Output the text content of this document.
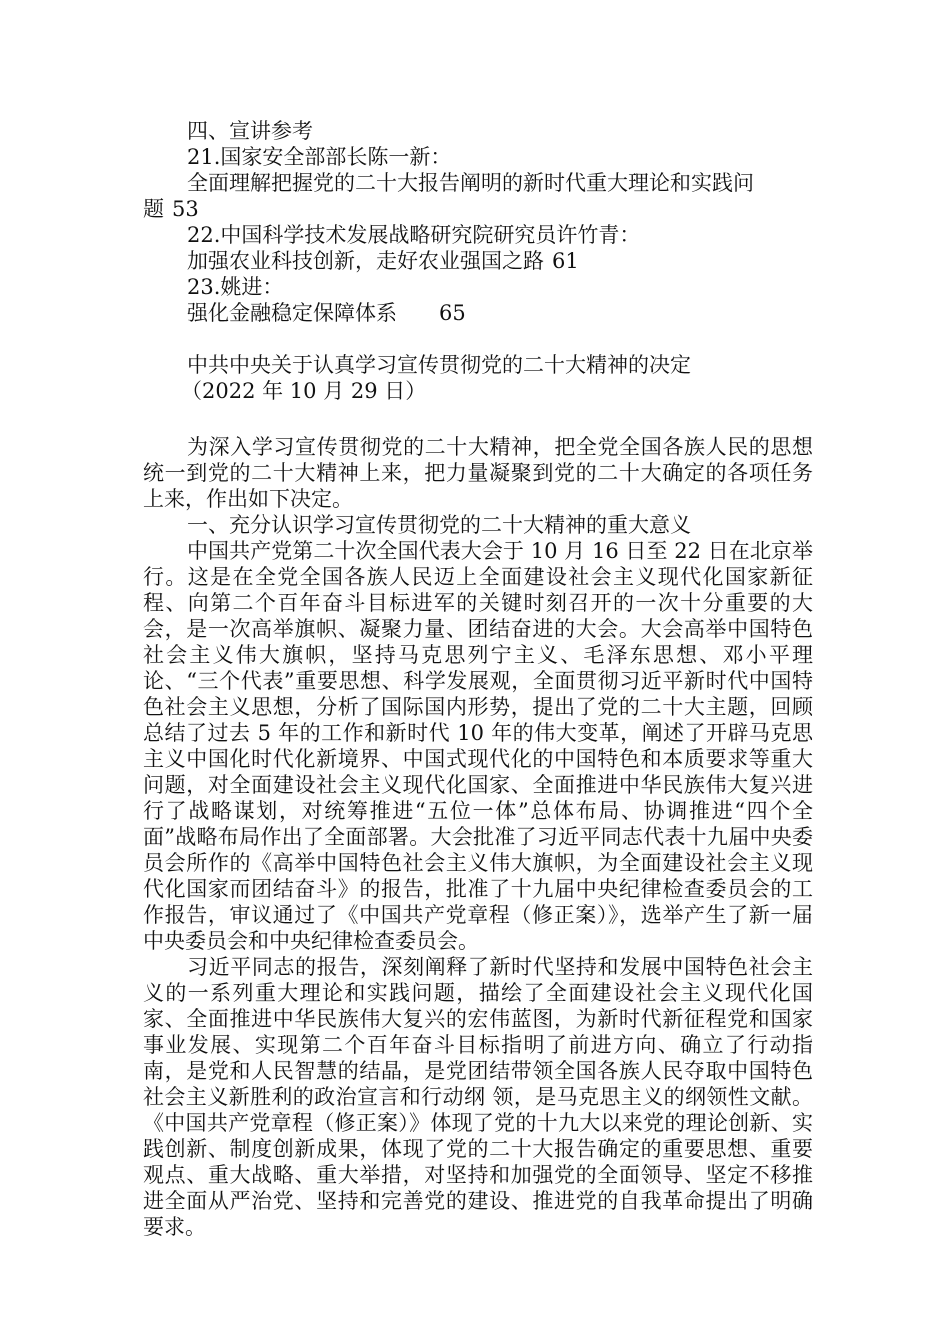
四、宣讲参考
21.国家安全部部长陈一新：
全面理解把握党的二十大报告阐明的新时代重大理论和实践问
题 53
22.中国科学技术发展战略研究院研究员许竹青：
加强农业科技创新，走好农业强国之路 61
23.姚进：
强化金融稳定保障体系 65
中共中央关于认真学习宣传贯彻党的二十大精神的决定
（2022 年 10 月 29 日）

为深入学习宣传贯彻党的二十大精神，把全党全国各族人民的思想统一到党的二十大精神上来，把力量凝聚到党的二十大确定的各项任务上来，作出如下决定。

一、充分认识学习宣传贯彻党的二十大精神的重大意义

中国共产党第二十次全国代表大会于 10 月 16 日至 22 日在北京举行。这是在全党全国各族人民迈上全面建设社会主义现代化国家新征程、向第二个百年奋斗目标进军的关键时刻召开的一次十分重要的大会，是一次高举旗帜、凝聚力量、团结奋进的大会。大会高举中国特色社会主义伟大旗帜，坚持马克思列宁主义、毛泽东思想、邓小平理论、“三个代表”重要思想、科学发展观，全面贯彻习近平新时代中国特色社会主义思想，分析了国际国内形势，提出了党的二十大主题，回顾总结了过去 5 年的工作和新时代 10 年的伟大变革，阐述了开辟马克思主义中国化时代化新境界、中国式现代化的中国特色和本质要求等重大问题，对全面建设社会主义现代化国家、全面推进中华民族伟大复兴进行了战略谋划，对统筹推进“五位一体”总体布局、协调推进“四个全面”战略布局作出了全面部署。大会批准了习近平同志代表十九届中央委员会所作的《高举中国特色社会主义伟大旗帜，为全面建设社会主义现代化国家而团结奋斗》的报告，批准了十九届中央纪律检查委员会的工作报告，审议通过了《中国共产党章程（修正案）》，选举产生了新一届中央委员会和中央纪律检查委员会。

习近平同志的报告，深刻阐释了新时代坚持和发展中国特色社会主义的一系列重大理论和实践问题，描绘了全面建设社会主义现代化国家、全面推进中华民族伟大复兴的宏伟蓝图，为新时代新征程党和国家事业发展、实现第二个百年奋斗目标指明了前进方向、确立了行动指南，是党和人民智慧的结晶，是党团结带领全国各族人民夺取中国特色社会主义新胜利的政治宣言和行动纲 领，是马克思主义的纲领性文献。《中国共产党章程（修正案）》体现了党的十九大以来党的理论创新、实践创新、制度创新成果，体现了党的二十大报告确定的重要思想、重要观点、重大战略、重大举措，对坚持和加强党的全面领导、坚定不移推进全面从严治党、坚持和完善党的建设、推进党的自我革命提出了明确要求。
